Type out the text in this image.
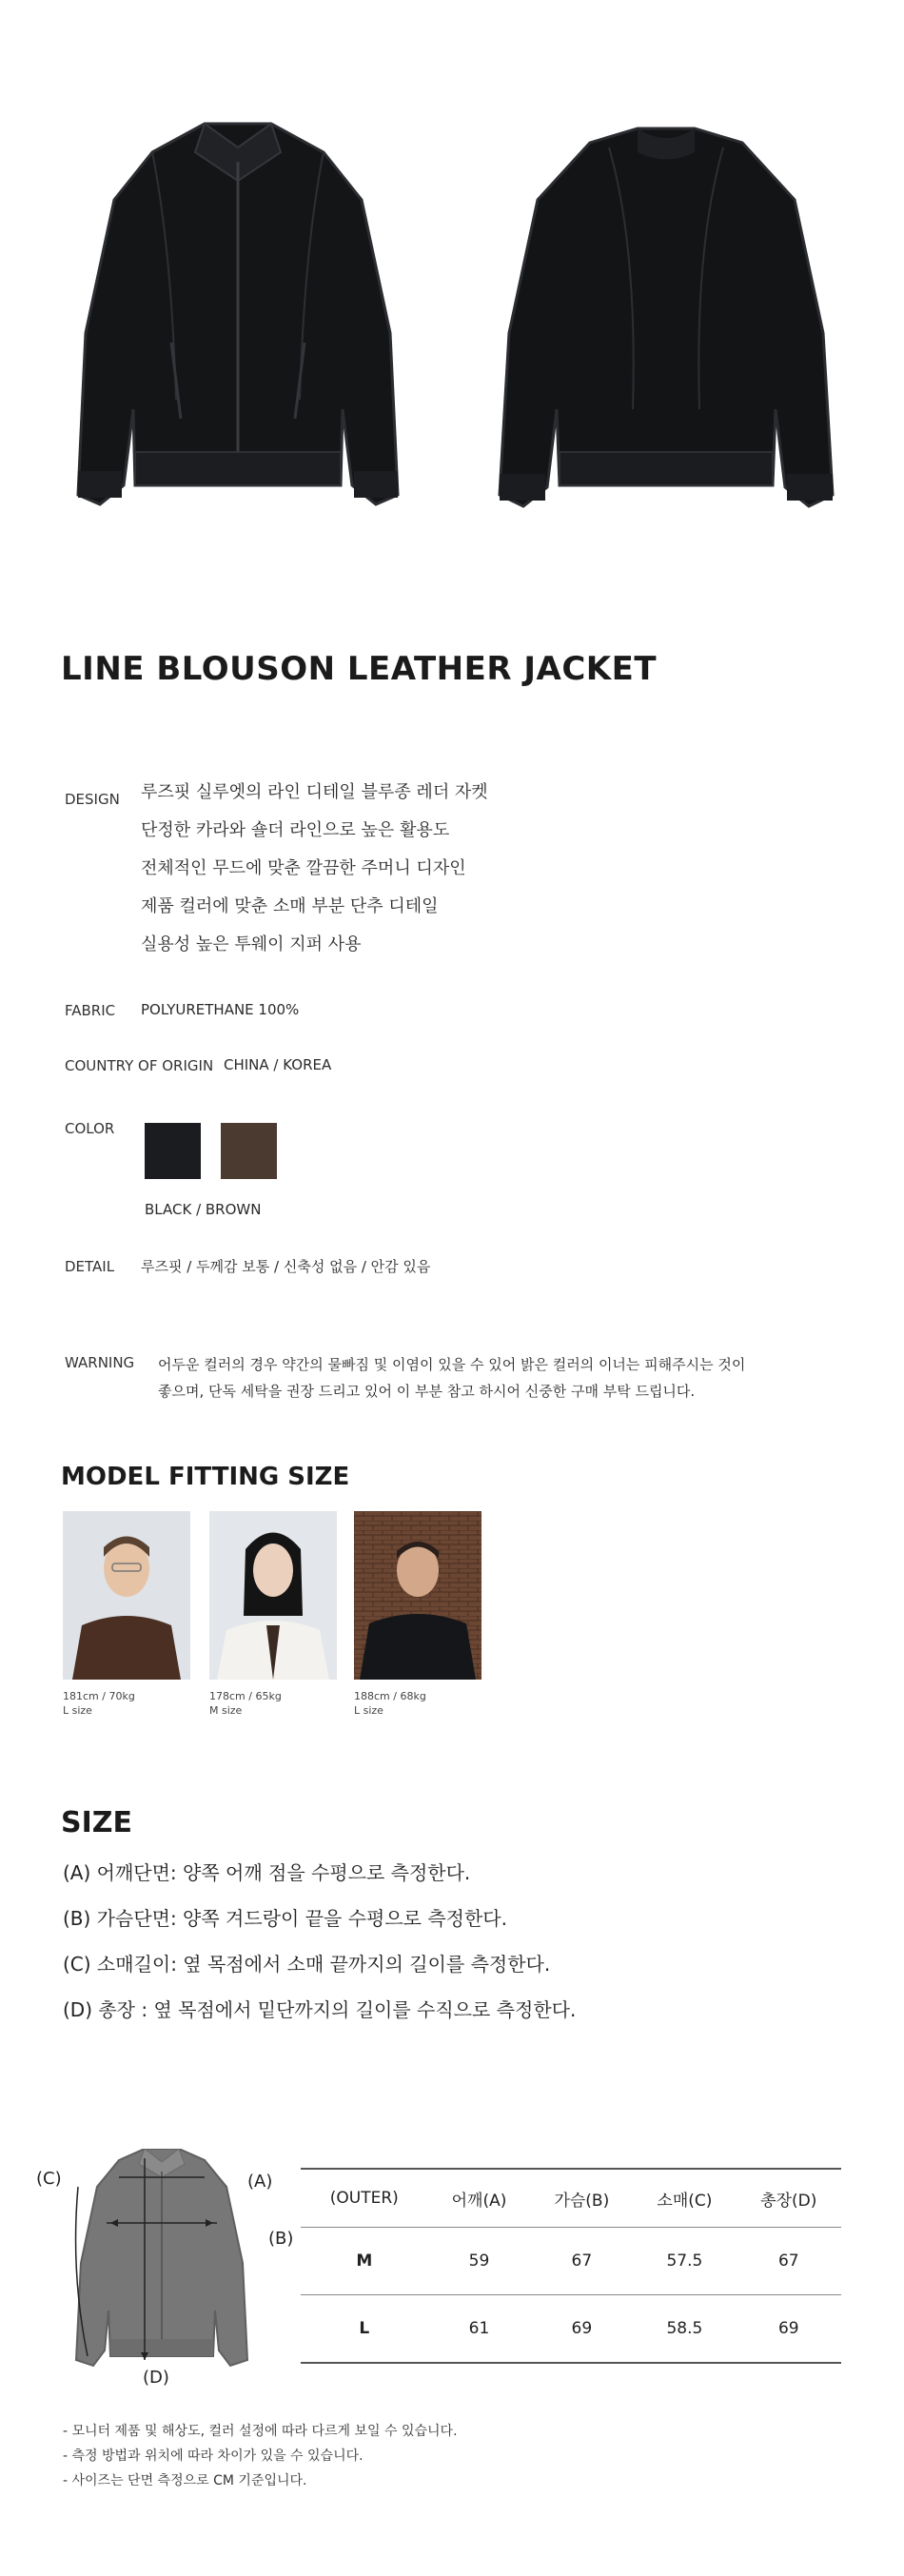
LINE BLOUSON LEATHER JACKET
DESIGN 루즈핏 실루엣의 라인 디테일 블루종 레더 자켓
단정한 카라와 숄더 라인으로 높은 활용도
전체적인 무드에 맞춘 깔끔한 주머니 디자인
제품 컬러에 맞춘 소매 부분 단추 디테일
실용성 높은 투웨이 지퍼 사용
FABRIC POLYURETHANE 100%
COUNTRY OF ORIGIN CHINA / KOREA
COLOR
BLACK / BROWN
DETAIL 루즈핏 / 두께감 보통 / 신축성 없음 / 안감 있음
WARNING 어두운 컬러의 경우 약간의 물빠짐 및 이염이 있을 수 있어 밝은 컬러의 이너는 피해주시는 것이
좋으며, 단독 세탁을 권장 드리고 있어 이 부분 참고 하시어 신중한 구매 부탁 드립니다.
MODEL FITTING SIZE
181cm / 70kg
L size
178cm / 65kg
M size
188cm / 68kg
L size
SIZE
(A) 어깨단면: 양쪽 어깨 점을 수평으로 측정한다.
(B) 가슴단면: 양쪽 겨드랑이 끝을 수평으로 측정한다.
(C) 소매길이: 옆 목점에서 소매 끝까지의 길이를 측정한다.
(D) 총장 : 옆 목점에서 밑단까지의 길이를 수직으로 측정한다.
(C)	(A)
(B)
(D)
(OUTER)	어깨(A)	가슴(B)	소매(C)	총장(D)
M	59	67	57.5	67
L	61	69	58.5	69
- 모니터 제품 및 해상도, 컬러 설정에 따라 다르게 보일 수 있습니다.
- 측정 방법과 위치에 따라 차이가 있을 수 있습니다.
- 사이즈는 단면 측정으로 CM 기준입니다.
